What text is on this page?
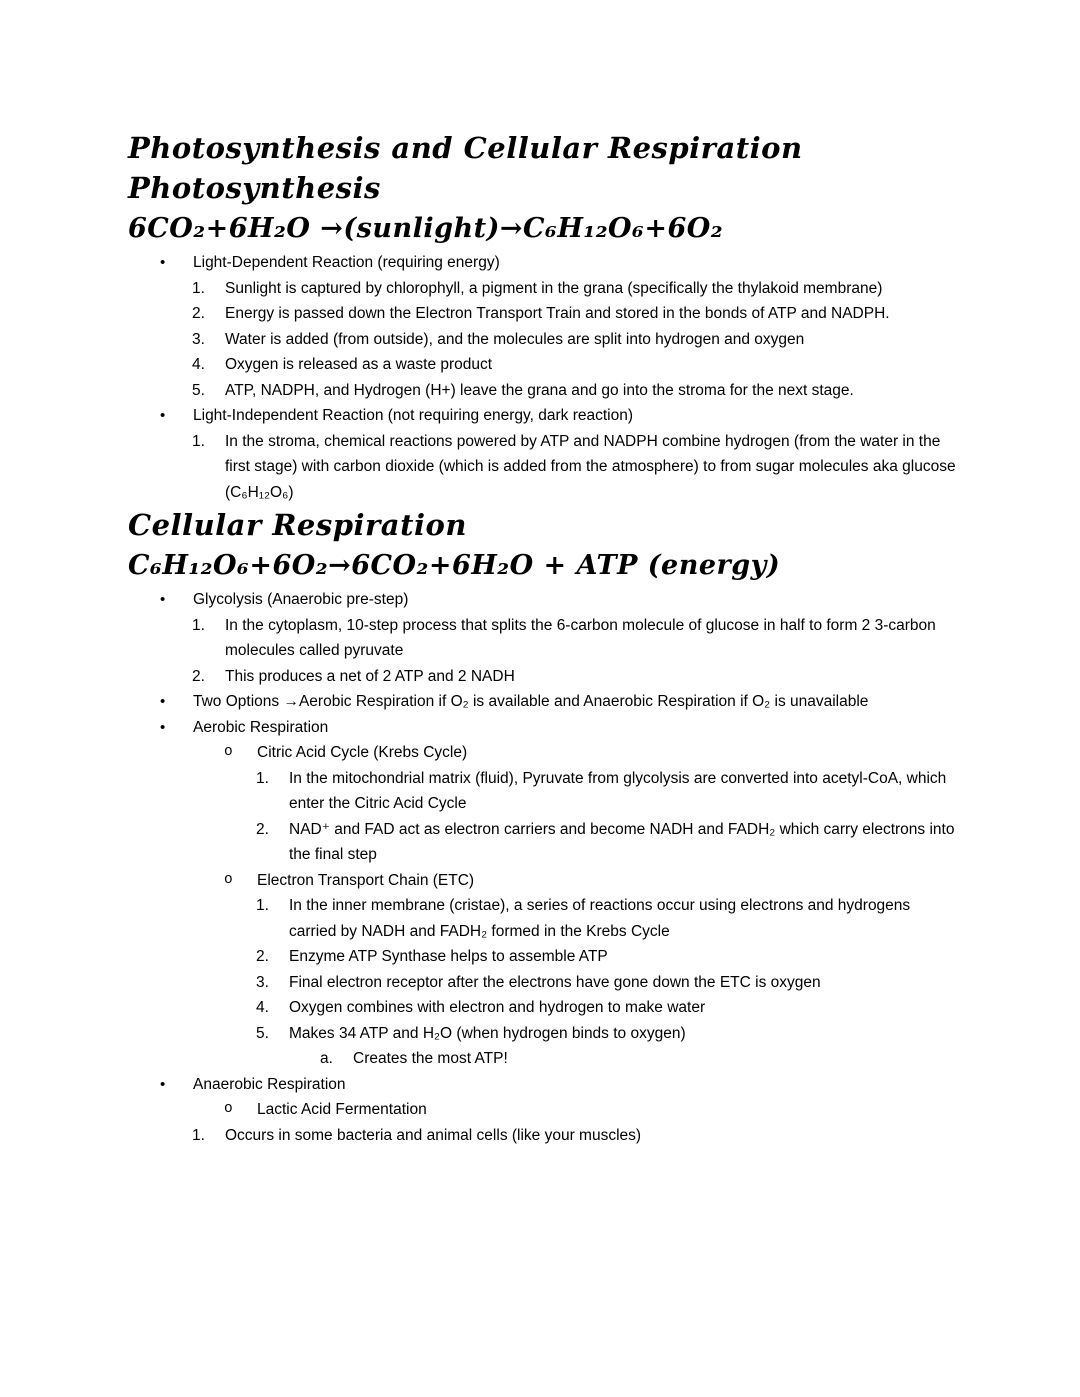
Photosynthesis and Cellular Respiration
Photosynthesis
6CO₂+6H₂O →(sunlight)→C₆H₁₂O₆+6O₂
•	Light-Dependent Reaction (requiring energy)
1.	Sunlight is captured by chlorophyll, a pigment in the grana (specifically the thylakoid membrane)
2.	Energy is passed down the Electron Transport Train and stored in the bonds of ATP and NADPH.
3.	Water is added (from outside), and the molecules are split into hydrogen and oxygen
4.	Oxygen is released as a waste product
5.	ATP, NADPH, and Hydrogen (H+) leave the grana and go into the stroma for the next stage.
•	Light-Independent Reaction (not requiring energy, dark reaction)
1.	In the stroma, chemical reactions powered by ATP and NADPH combine hydrogen (from the water in the first stage) with carbon dioxide (which is added from the atmosphere) to from sugar molecules aka glucose (C₆H₁₂O₆)
Cellular Respiration
C₆H₁₂O₆+6O₂→6CO₂+6H₂O + ATP (energy)
•	Glycolysis (Anaerobic pre-step)
1.	In the cytoplasm, 10-step process that splits the 6-carbon molecule of glucose in half to form 2 3-carbon molecules called pyruvate
2.	This produces a net of 2 ATP and 2 NADH
•	Two Options →Aerobic Respiration if O₂ is available and Anaerobic Respiration if O₂ is unavailable
•	Aerobic Respiration
o	Citric Acid Cycle (Krebs Cycle)
1.	In the mitochondrial matrix (fluid), Pyruvate from glycolysis are converted into acetyl-CoA, which enter the Citric Acid Cycle
2.	NAD⁺ and FAD act as electron carriers and become NADH and FADH₂ which carry electrons into the final step
o	Electron Transport Chain (ETC)
1.	In the inner membrane (cristae), a series of reactions occur using electrons and hydrogens carried by NADH and FADH₂ formed in the Krebs Cycle
2.	Enzyme ATP Synthase helps to assemble ATP
3.	Final electron receptor after the electrons have gone down the ETC is oxygen
4.	Oxygen combines with electron and hydrogen to make water
5.	Makes 34 ATP and H₂O (when hydrogen binds to oxygen)
a.	Creates the most ATP!
•	Anaerobic Respiration
o	Lactic Acid Fermentation
1.	Occurs in some bacteria and animal cells (like your muscles)
